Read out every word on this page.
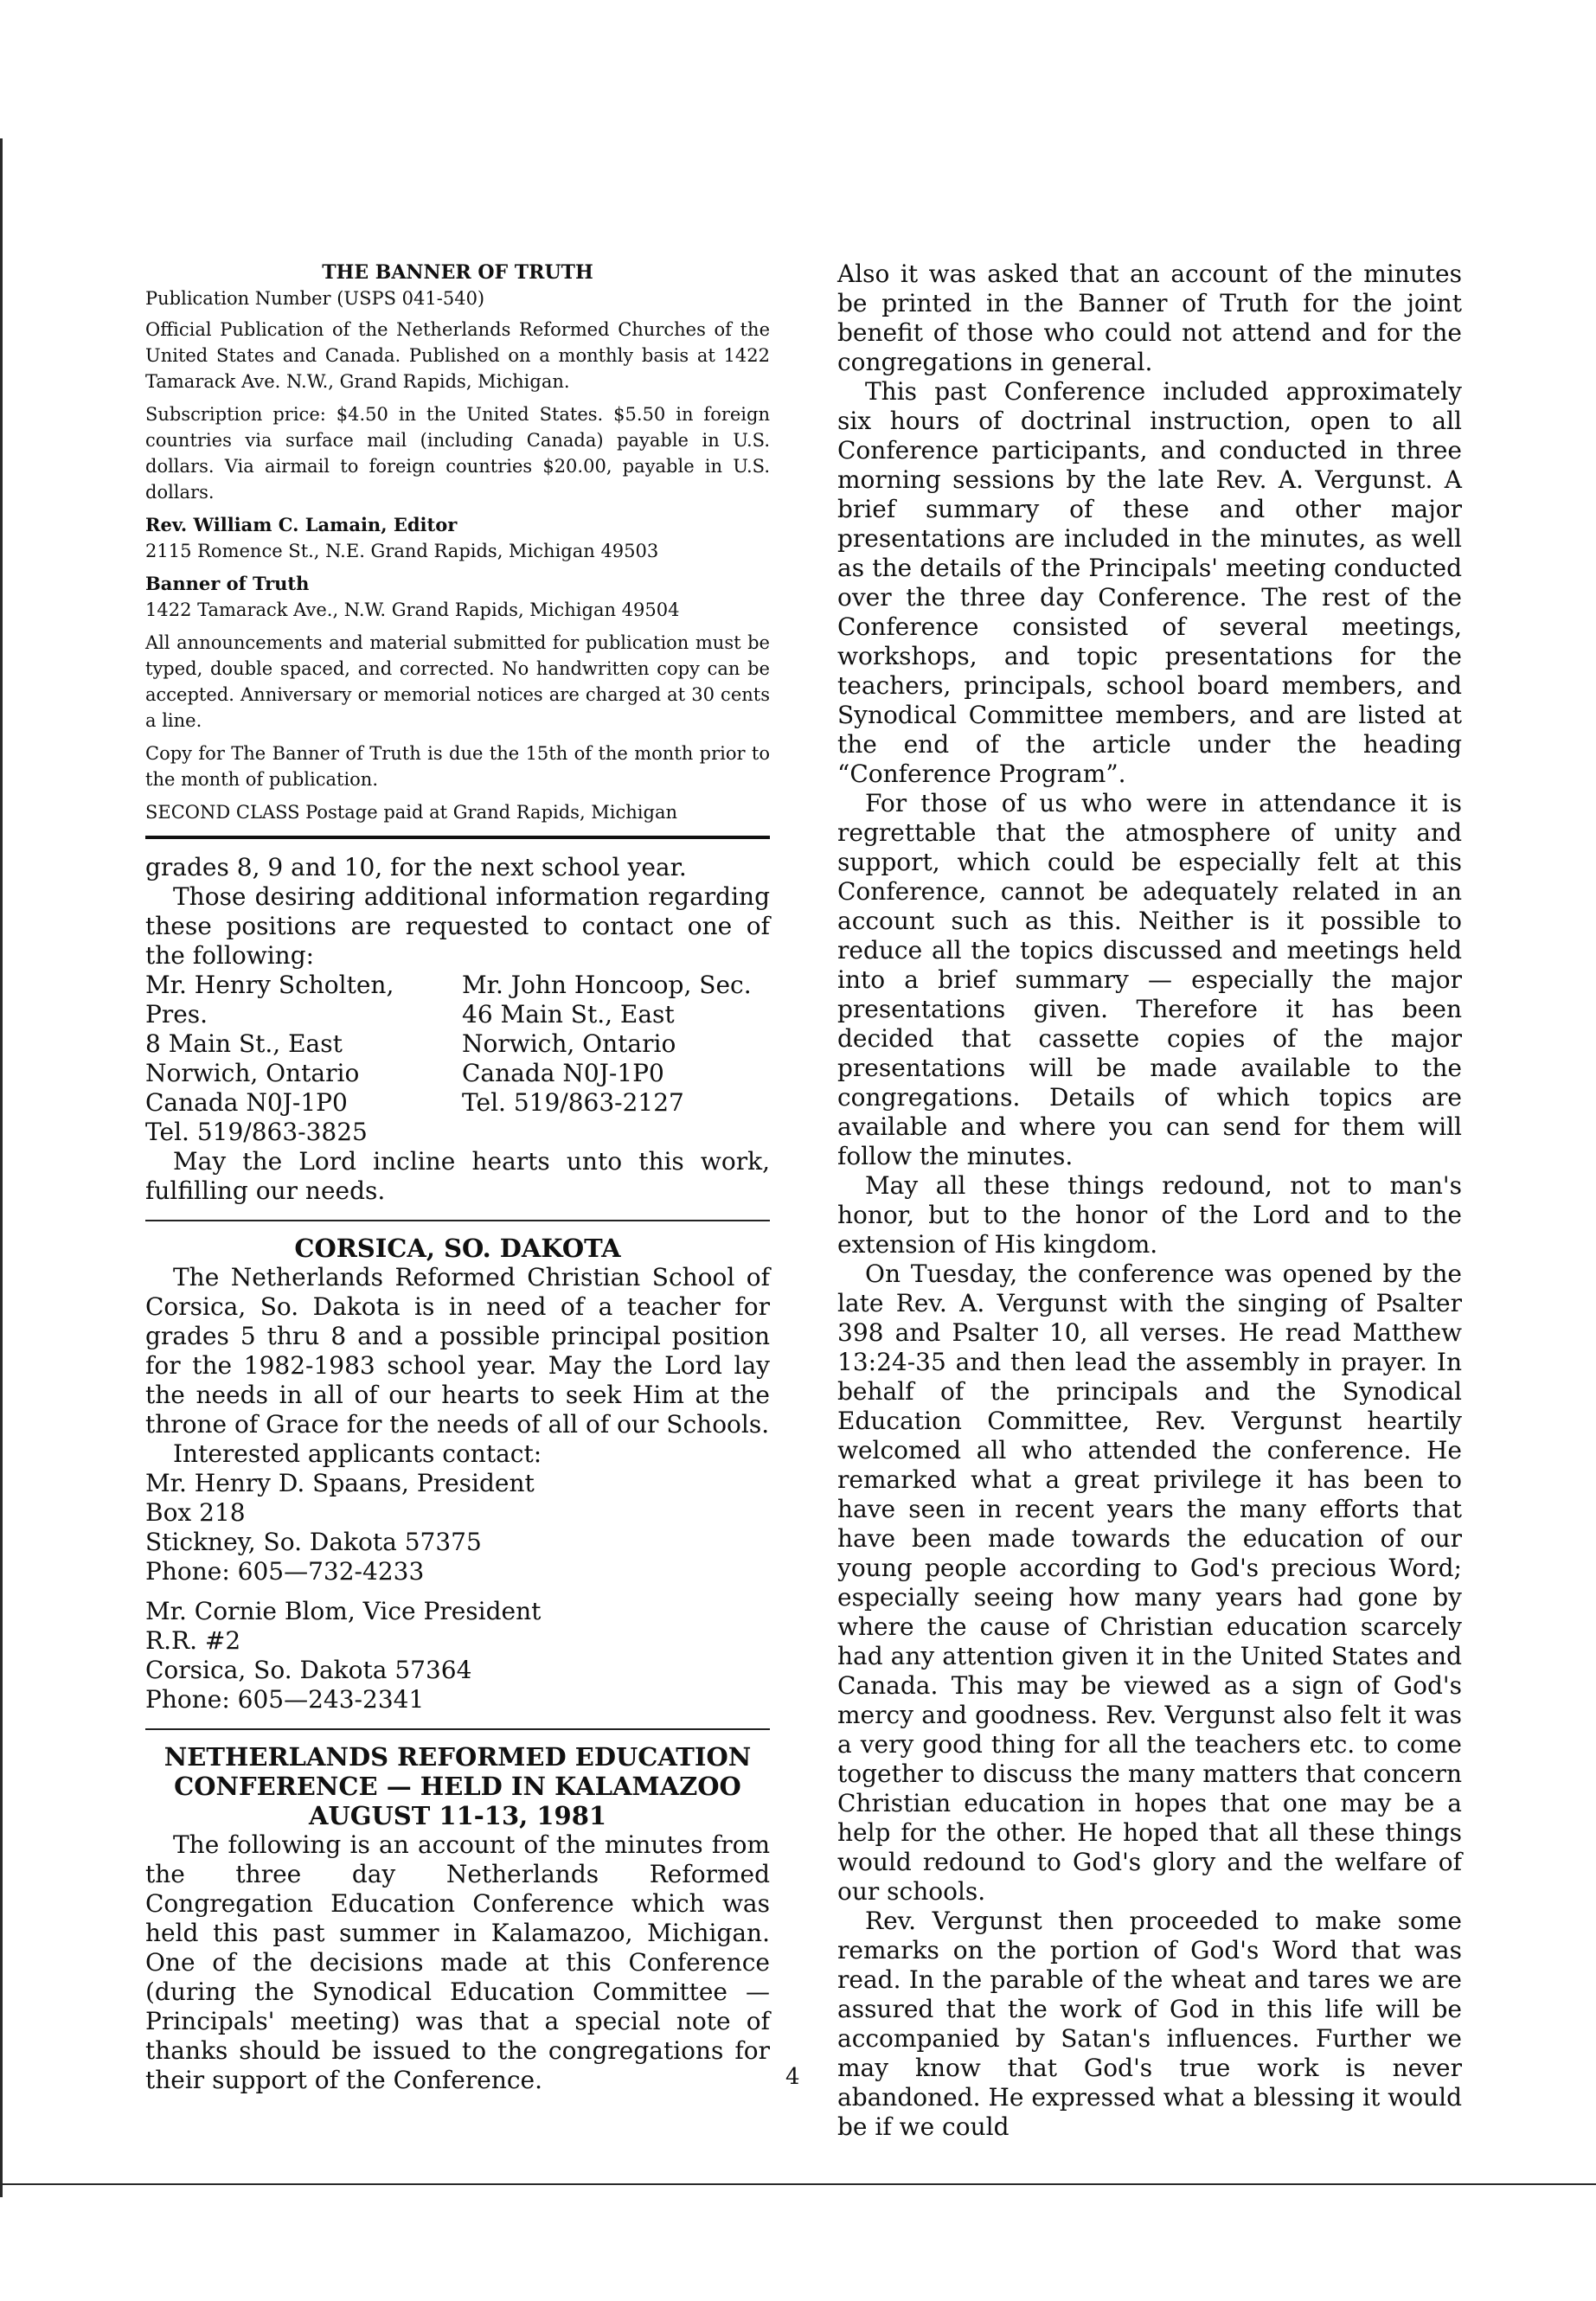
THE BANNER OF TRUTH

Publication Number (USPS 041-540)

Official Publication of the Netherlands Reformed Churches of the United States and Canada. Published on a monthly basis at 1422 Tamarack Ave. N.W., Grand Rapids, Michigan.

Subscription price: $4.50 in the United States. $5.50 in foreign countries via surface mail (including Canada) payable in U.S. dollars. Via airmail to foreign countries $20.00, payable in U.S. dollars.

Rev. William C. Lamain, Editor

2115 Romence St., N.E. Grand Rapids, Michigan 49503

Banner of Truth

1422 Tamarack Ave., N.W. Grand Rapids, Michigan 49504

All announcements and material submitted for publication must be typed, double spaced, and corrected. No handwritten copy can be accepted. Anniversary or memorial notices are charged at 30 cents a line.

Copy for The Banner of Truth is due the 15th of the month prior to the month of publication.

SECOND CLASS Postage paid at Grand Rapids, Michigan

grades 8, 9 and 10, for the next school year.

Those desiring additional information regarding these positions are requested to contact one of the following:

Mr. Henry Scholten, Pres.
8 Main St., East
Norwich, Ontario
Canada N0J-1P0
Tel. 519/863-3825
Mr. John Honcoop, Sec.
46 Main St., East
Norwich, Ontario
Canada N0J-1P0
Tel. 519/863-2127

May the Lord incline hearts unto this work, fulfilling our needs.

CORSICA, SO. DAKOTA

The Netherlands Reformed Christian School of Corsica, So. Dakota is in need of a teacher for grades 5 thru 8 and a possible principal position for the 1982-1983 school year. May the Lord lay the needs in all of our hearts to seek Him at the throne of Grace for the needs of all of our Schools.

Interested applicants contact:

Mr. Henry D. Spaans, President
Box 218
Stickney, So. Dakota 57375
Phone: 605—732-4233
Mr. Cornie Blom, Vice President
R.R. #2
Corsica, So. Dakota 57364
Phone: 605—243-2341
NETHERLANDS REFORMED EDUCATION
CONFERENCE — HELD IN KALAMAZOO
AUGUST 11-13, 1981

The following is an account of the minutes from the three day Netherlands Reformed Congregation Education Conference which was held this past summer in Kalamazoo, Michigan. One of the decisions made at this Conference (during the Synodical Education Committee — Principals' meeting) was that a special note of thanks should be issued to the congregations for their support of the Conference.

Also it was asked that an account of the minutes be printed in the Banner of Truth for the joint benefit of those who could not attend and for the congregations in general.

This past Conference included approximately six hours of doctrinal instruction, open to all Conference participants, and conducted in three morning sessions by the late Rev. A. Vergunst. A brief summary of these and other major presentations are included in the minutes, as well as the details of the Principals' meeting conducted over the three day Conference. The rest of the Conference consisted of several meetings, workshops, and topic presentations for the teachers, principals, school board members, and Synodical Committee members, and are listed at the end of the article under the heading “Conference Program”.

For those of us who were in attendance it is regrettable that the atmosphere of unity and support, which could be especially felt at this Conference, cannot be adequately related in an account such as this. Neither is it possible to reduce all the topics discussed and meetings held into a brief summary — especially the major presentations given. Therefore it has been decided that cassette copies of the major presentations will be made available to the congregations. Details of which topics are available and where you can send for them will follow the minutes.

May all these things redound, not to man's honor, but to the honor of the Lord and to the extension of His kingdom.

On Tuesday, the conference was opened by the late Rev. A. Vergunst with the singing of Psalter 398 and Psalter 10, all verses. He read Matthew 13:24-35 and then lead the assembly in prayer. In behalf of the principals and the Synodical Education Committee, Rev. Vergunst heartily welcomed all who attended the conference. He remarked what a great privilege it has been to have seen in recent years the many efforts that have been made towards the education of our young people according to God's precious Word; especially seeing how many years had gone by where the cause of Christian education scarcely had any attention given it in the United States and Canada. This may be viewed as a sign of God's mercy and goodness. Rev. Vergunst also felt it was a very good thing for all the teachers etc. to come together to discuss the many matters that concern Christian education in hopes that one may be a help for the other. He hoped that all these things would redound to God's glory and the welfare of our schools.

Rev. Vergunst then proceeded to make some remarks on the portion of God's Word that was read. In the parable of the wheat and tares we are assured that the work of God in this life will be accompanied by Satan's influences. Further we may know that God's true work is never abandoned. He expressed what a blessing it would be if we could

4
